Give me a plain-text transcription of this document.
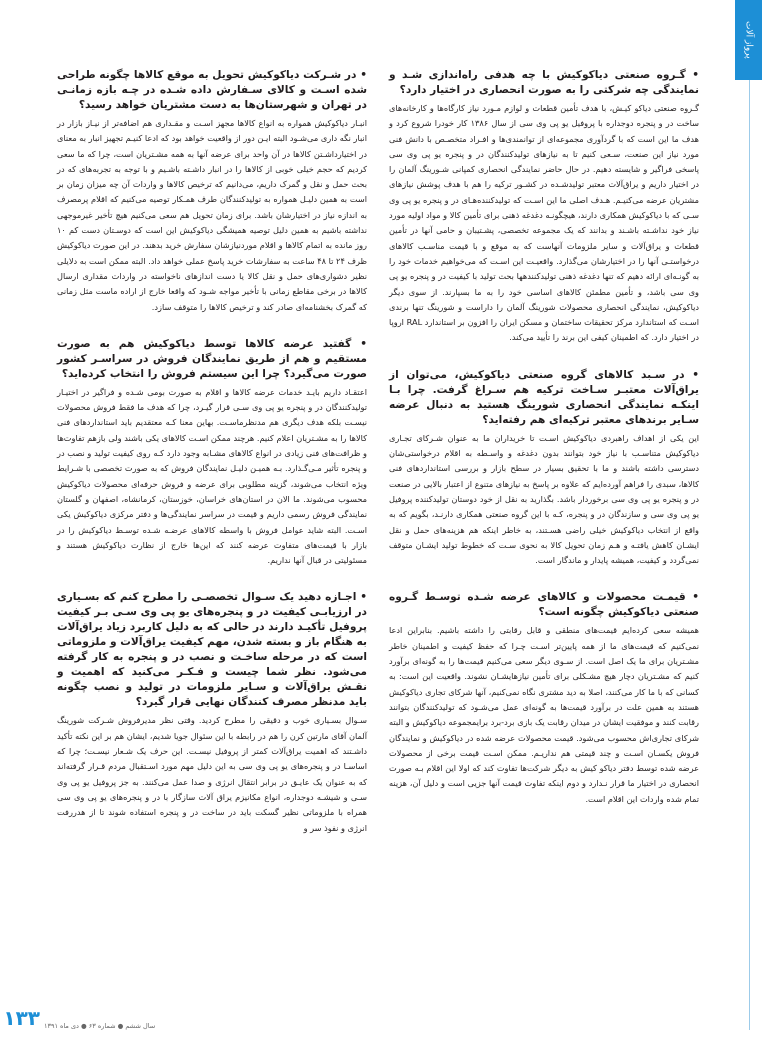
پرواز آلات
• گـروه صنعتی دیاکوکیش با چه هدفی راه‌اندازی شـد و نمایندگی چه شرکتی را به صورت انحصاری در اختیار دارد؟

گـروه صنعتی دیاکو کیـش، با هدف تأمین قطعات و لوازم مـورد نیاز کارگاه‌ها و کارخانه‌های ساخت در و پنجره دوجداره با پروفیل یو پی وی سی از سال ۱۳۸۶ کار خودرا شروع کرد و هدف ما این است که با گردآوری مجموعه‌ای از توانمندی‌ها و افـراد متخصـص با دانش فنی مورد نیاز این صنعت، سـعی کنیم تا به نیازهای تولیدکنندگان در و پنجره یو پی وی سی پاسخی فراگیر و شایسته دهیم. در حال حاضر نمایندگی انحصاری کمپانی شـورینگ آلمان را در اختیار داریم و یراق‌آلات معتبر تولیدشـده در کشـور ترکیه را هم با هدف پوشش نیازهای مشتریان عرضه می‌کنیـم. هـدف اصلی ما این اسـت که تولیدکننده‌هـای در و پنجره یو پی وی سـی که با دیاکوکیش همکاری دارند، هیچگونـه دغدغه ذهنی برای تأمین کالا و مواد اولیه مورد نیاز خود نداشـته باشـند و بدانند که یک مجموعه تخصصی، پشـتیبان و حامی آنها در تأمین قطعات و یراق‌آلات و سایر ملزومات آنهاست که به موقع و با قیمت مناسـب کالاهای درخواستـی آنها را در اختیارشان می‌گذارد. واقعیـت این اسـت که می‌خواهیم خدمات خود را به گونـه‌ای ارائه دهیم که تنها دغدغه ذهنی تولیدکنندهها بحث تولید با کیفیت در و پنجره یو پی وی سی باشد، و تأمین مطمئن کالاهای اساسی خود را به ما بسپارند. از سوی دیگر دیاکوکیش، نمایندگی انحصاری محصولات شورینگ آلمان را داراست و شورینگ تنها برندی اسـت که استاندارد مرکز تحقیقات ساختمان و مسکن ایران را افزون بر استاندارد RAL اروپا در اختیار دارد. که اطمینان کیفی این برند را تأیید می‌کند.

• در سـبد کالاهای گروه صنعتی دیاکوکیش، می‌توان از یراق‌آلات معتبـر سـاخت ترکیه هم سـراغ گرفت. چرا بـا اینکـه نمایندگی انحصاری شورینگ هستید به دنبال عرضه سـایر برندهای معتبر ترکیه‌ای هم رفته‌اید؟

این یکی از اهداف راهبردی دیاکوکیش اسـت تا خریداران ما به عنوان شـرکای تجـاری دیاکوکیش متناسـب با نیاز خود بتوانند بدون دغدغه و واسـطه به اقلام درخواستی‌شان دسترسی داشته باشند و ما با تحقیق بسیار در سطح بازار و بررسی استانداردهای فنی کالاها، سبدی را فراهم آورده‌ایم که علاوه بر پاسخ به نیازهای متنوع از اعتبار بالایی در صنعت در و پنجره یو پی وی سی برخوردار باشد. بگذارید به نقل از خود دوستان تولیدکننده پروفیل یو پی وی سی و سازندگان در و پنجره، کـه با این گروه صنعتی همکاری دارنـد، بگویم که به واقع از انتخاب دیاکوکیش خیلی راضی هسـتند، به خاطر اینکه هم هزینه‌های حمل و نقل ایشـان کاهش یافتـه و هـم زمان تحویل کالا به نحوی سـت که خطوط تولید ایشـان متوقف نمی‌گردد و کیفیت، همیشه پایدار و ماندگار است.

• قیمـت محصولات و کالاهای عرضه شـده توسـط گـروه صنعتی دیاکوکیش چگونه است؟

همیشه سعی کرده‌ایم قیمت‌های منطقی و قابل رقابتی را داشته باشیم. بنابراین ادعا نمی‌کنیم که قیمت‌های ما از همه پایین‌تر اسـت چـرا که حفظ کیفیت و اطمینان خاطر مشـتریان برای ما یک اصل است. از سـوی دیگر سعی می‌کنیم قیمت‌ها را به گونه‌ای برآورد کنیم که مشـتریان دچار هیچ مشـکلی برای تأمین نیازهایشـان نشوند. واقعیت این است: به کسانی که با ما کار می‌کنند، اصلا به دید مشتری نگاه نمی‌کنیم، آنها شرکای تجاری دیاکوکیش هستند به همین علت در برآورد قیمت‌ها به گونه‌ای عمل می‌شـود که تولیدکنندگان بتوانند رقابت کنند و موفقیت ایشان در میدان رقابت یک بازی برد-برد برایمجموعه دیاکوکیش و البته شرکای تجاری‌اش محسوب می‌شود. قیمت محصولات عرضه شده در دیاکوکیش و نمایندگان فروش یکسـان اسـت و چند قیمتی هم نداریـم. ممکن اسـت قیمت برخی از محصولات عرضه شده توسط دفتر دیاکو کیش به دیگر شرکت‌ها تفاوت کند که اولا این اقلام بـه صورت انحصاری در اختیار ما قرار نـدارد و دوم اینکه تفاوت قیمت آنها جزیی است و دلیل آن، هزینه تمام شده واردات این اقلام است.

• در شـرکت دیاکوکیش تحویل به موقع کالاها چگونه طراحی شده اسـت و کالای سـفارش داده شـده در چـه بازه زمانـی در تهران و شهرستان‌ها به دست مشتریان خواهد رسید؟

انبـار دیاکوکیش همواره به انواع کالاها مجهز اسـت و مقـداری هم اضافه‌تر از نیـاز بازار در انبار نگه داری می‌شـود البته ایـن دور از واقعیت خواهد بود که ادعا کنیـم تجهیز انبار به معنای در اختیارداشـتن کالاها در آن واحد برای عرضه آنها به همه مشـتریان است، چرا که ما سعی کردیم که حجم خیلی خوبی از کالاها را در انبار داشـته باشـیم و با توجه به تجربه‌های که در بحث حمل و نقل و گمرک داریم، می‌دانیم که ترخیص کالاها و واردات آن چه میزان زمان بر است به همین دلیـل همواره به تولیدکنندگان طرف همـکار توصیه می‌کنیم که اقلام پرمصرف به اندازه نیاز در اختیارشان باشد. برای زمان تحویل هم سعی می‌کنیم هیچ تأخیر غیرموجهی نداشته باشیم به همین دلیل توصیه همیشگی دیاکوکیش این است که دوسـتان دست کم ۱۰ روز مانده به اتمام کالاها و اقلام موردنیازشان سفارش خرید بدهند. در این صورت دیاکوکیش ظرف ۲۴ تا ۴۸ ساعت به سفارشات خرید پاسخ عملی خواهد داد. البته ممکن است به دلایلی نظیر دشواری‌های حمل و نقل کالا یا دست اندازهای ناخواسته در واردات مقداری ارسال کالاها در برخی مقاطع زمانی با تأخیر مواجه شـود که واقعا خارج از اراده ماست مثل زمانی که گمرک بخشنامه‌ای صادر کند و ترخیص کالاها را متوقف سازد.

• گفتید عرضه کالاها توسط دیاکوکیش هم به صورت مستقیم و هم از طریق نمایندگان فروش در سراسـر کشور صورت می‌گیرد؟ چرا این سیستم فروش را انتخاب کرده‌اید؟

اعتقـاد داریم بایـد خدمات عرضه کالاها و اقلام به صورت بومی شـده و فراگیر در اختیـار تولیدکنندگان در و پنجره یو پی وی سـی قرار گیـرد، چرا که هدف ما فقط فروش محصولات نیسـت بلکه هدف دیگری هم مدنظرماسـت. بهاین معنا کـه معتقدیم باید استانداردهای فنی کالاها را به مشـتریان اعلام کنیم. هرچند ممکن اسـت کالاهای یکی باشند ولی بازهم تفاوت‌ها و ظرافت‌های فنی زیادی در انواع کالاهای مشـابه وجود دارد کـه روی کیفیت تولید و نصب در و پنجره تأثیر مـی‌گـذارد. بـه همیـن دلیـل نمایندگان فروش که به صورت تخصصی با شـرایط ویژه انتخاب می‌شوند، گزینه مطلوبی برای عرضه و فروش حرفه‌ای محصولات دیاکوکیش محسوب می‌شوند. ما الان در استان‌های خراسان، خوزستان، کرمانشاه، اصفهان و گلستان نمایندگی فروش رسمی داریم و قیمت در سراسر نمایندگی‌ها و دفتر مرکزی دیاکوکیش یکی اسـت. البته شاید عوامل فروش با واسطه کالاهای عرضـه شـده توسـط دیاکوکیش را در بازار با قیمت‌های متفاوت عرضه کنند که این‌ها خارج از نظارت دیاکوکیش هستند و مسئولیتی در قبال آنها نداریم.

• اجـازه دهید یک سـوال تخصصـی را مطرح کنم که بسـیاری در ارزیابـی کیفیت در و پنجره‌های یو پی وی سـی بـر کیفیت پروفیل تأکیـد دارند در حالی که به دلیل کاربرد زیاد یراق‌آلات به هنگام باز و بسته شدن، مهم کیفیت یراق‌آلات و ملزوماتی است که در مرحله ساخـت و نصب در و پنجره به کار گرفته می‌شود. نظر شما چیست و فـکـر می‌کنید که اهمیت و نقـش یراق‌آلات و سـایر ملزومات در تولید و نصب چگونه باید مدنظر مصرف کنندگان نهایی قرار گیرد؟

سـوال بسـیاری خوب و دقیقی را مطرح کردید. وقتی نظر مدیرفروش شـرکت شورینگ آلمان آقای مارتین کرن را هم در رابطه با این سئوال جویا شدیم، ایشان هم بر این نکته تأکید داشـتند که اهمیت یراق‌آلات کمتر از پروفیل نیسـت. این حرف یک شـعار نیسـت؛ چرا که اساسـا در و پنجره‌های یو پی وی سی به این دلیل مهم مورد اسـتقبال مردم قـرار گرفته‌اند که به عنوان یک عایـق در برابر انتقال انرژی و صدا عمل می‌کنند. به جز پروفیل یو پی وی سـی و شیشـه دوجداره، انواع مکانیزم یراق آلات سازگار با در و پنجره‌های یو پی وی سی همراه با ملزوماتی نظیر گسکت باید در ساخت در و پنجره استفاده شوند تا از هدررفت انرژی و نفوذ سر و

۱۳۳ سال ششم ● شماره ۶۳ ● دی ماه ۱۳۹۱
